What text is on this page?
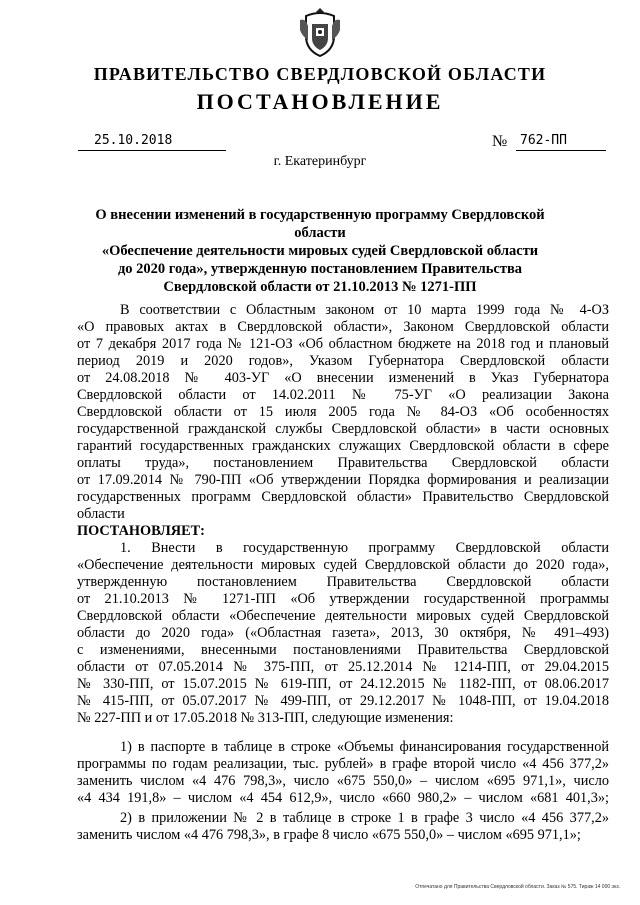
ПРАВИТЕЛЬСТВО СВЕРДЛОВСКОЙ ОБЛАСТИ
ПОСТАНОВЛЕНИЕ
25.10.2018	№ 762-ПП
г. Екатеринбург
О внесении изменений в государственную программу Свердловской области
«Обеспечение деятельности мировых судей Свердловской области
до 2020 года», утвержденную постановлением Правительства
Свердловской области от 21.10.2013 № 1271-ПП
В соответствии с Областным законом от 10 марта 1999 года № 4-ОЗ
«О правовых актах в Свердловской области», Законом Свердловской области
от 7 декабря 2017 года № 121-ОЗ «Об областном бюджете на 2018 год и плановый
период 2019 и 2020 годов», Указом Губернатора Свердловской области
от 24.08.2018 № 403-УГ «О внесении изменений в Указ Губернатора
Свердловской области от 14.02.2011 № 75-УГ «О реализации Закона
Свердловской области от 15 июля 2005 года № 84-ОЗ «Об особенностях
государственной гражданской службы Свердловской области» в части основных
гарантий государственных гражданских служащих Свердловской области в сфере
оплаты труда», постановлением Правительства Свердловской области
от 17.09.2014 № 790-ПП «Об утверждении Порядка формирования и реализации
государственных программ Свердловской области» Правительство Свердловской
области
ПОСТАНОВЛЯЕТ:
1. Внести в государственную программу Свердловской области
«Обеспечение деятельности мировых судей Свердловской области до 2020 года»,
утвержденную постановлением Правительства Свердловской области
от 21.10.2013 № 1271-ПП «Об утверждении государственной программы
Свердловской области «Обеспечение деятельности мировых судей Свердловской
области до 2020 года» («Областная газета», 2013, 30 октября, № 491–493)
с изменениями, внесенными постановлениями Правительства Свердловской
области от 07.05.2014 № 375-ПП, от 25.12.2014 № 1214-ПП, от 29.04.2015
№ 330-ПП, от 15.07.2015 № 619-ПП, от 24.12.2015 № 1182-ПП, от 08.06.2017
№ 415-ПП, от 05.07.2017 № 499-ПП, от 29.12.2017 № 1048-ПП, от 19.04.2018
№ 227-ПП и от 17.05.2018 № 313-ПП, следующие изменения:
1) в паспорте в таблице в строке «Объемы финансирования государственной
программы по годам реализации, тыс. рублей» в графе второй число «4 456 377,2»
заменить числом «4 476 798,3», число «675 550,0» – числом «695 971,1», число
«4 434 191,8» – числом «4 454 612,9», число «660 980,2» – числом «681 401,3»;
2) в приложении № 2 в таблице в строке 1 в графе 3 число «4 456 377,2»
заменить числом «4 476 798,3», в графе 8 число «675 550,0» – числом «695 971,1»;
Отпечатано для Правительства Свердловской области. Заказ № 575. Тираж 14 000 экз.
